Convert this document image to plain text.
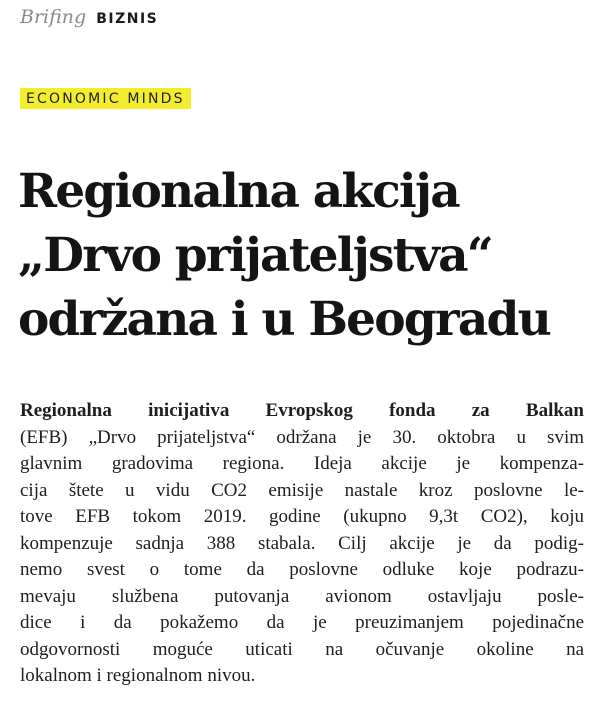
Brifing BIZNIS
ECONOMIC MINDS
Regionalna akcija
„Drvo prijateljstva“
održana i u Beogradu
Regionalna inicijativa Evropskog fonda za Balkan
(EFB) „Drvo prijateljstva“ održana je 30. oktobra u svim
glavnim gradovima regiona. Ideja akcije je kompenza-
cija štete u vidu CO2 emisije nastale kroz poslovne le-
tove EFB tokom 2019. godine (ukupno 9,3t CO2), koju
kompenzuje sadnja 388 stabala. Cilj akcije je da podig-
nemo svest o tome da poslovne odluke koje podrazu-
mevaju službena putovanja avionom ostavljaju posle-
dice i da pokažemo da je preuzimanjem pojedinačne
odgovornosti moguće uticati na očuvanje okoline na
lokalnom i regionalnom nivou.
